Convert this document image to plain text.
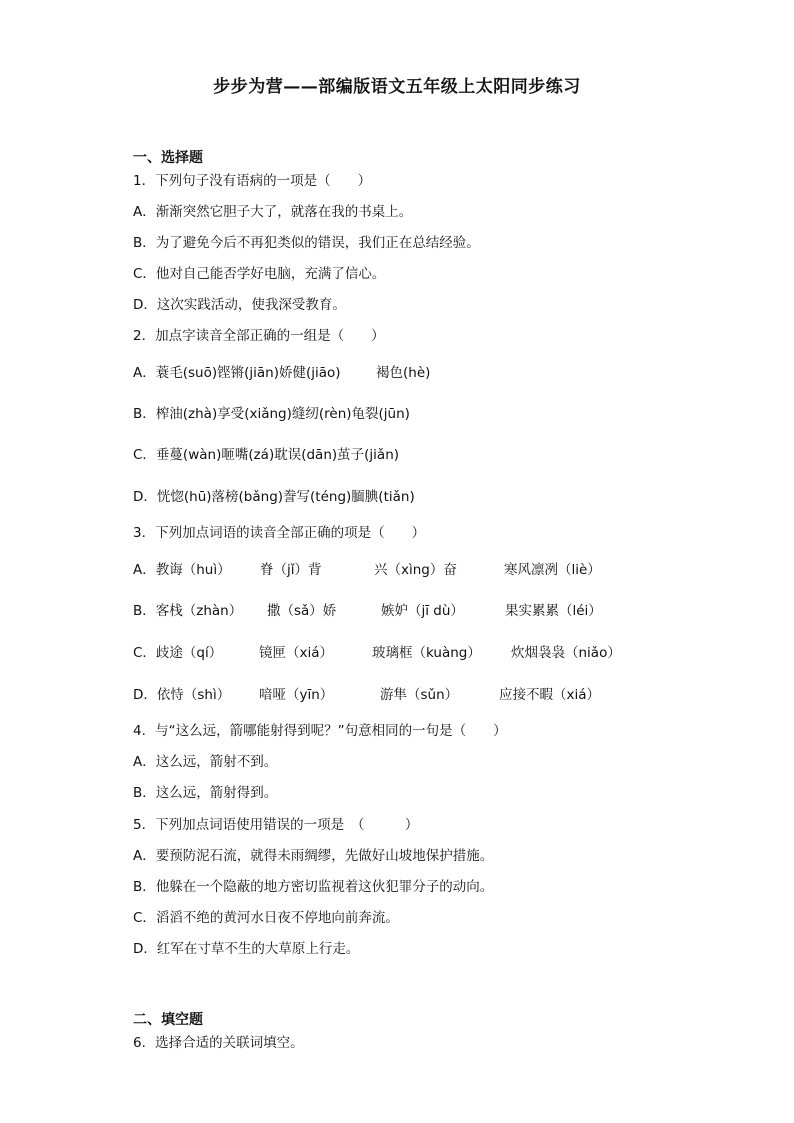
步步为营——部编版语文五年级上太阳同步练习
一、选择题
1．下列句子没有语病的一项是（　　）
A．渐渐突然它胆子大了，就落在我的书桌上。
B．为了避免今后不再犯类似的错误，我们正在总结经验。
C．他对自己能否学好电脑，充满了信心。
D．这次实践活动，使我深受教育。
2．加点字读音全部正确的一组是（　　）
A．蓑毛(suō)铿锵(jiān)娇健(jiāo)	褐色(hè)
B．榨油(zhà)享受(xiǎng)缝纫(rèn)龟裂(jūn)
C．垂蔓(wàn)咂嘴(zá)耽误(dān)茧子(jiǎn)
D．恍惚(hū)落榜(bǎng)誊写(téng)腼腆(tiǎn)
3．下列加点词语的读音全部正确的项是（　　）
A．教诲（huì） 脊（jǐ）背	兴（xìng）奋	寒风凛冽（liè）
B．客栈（zhàn） 撒（sǎ）娇	嫉妒（jī dù）	果实累累（léi）
C．歧途（qí）	镜匣（xiá）	玻璃框（kuàng） 炊烟袅袅（niǎo）
D．依恃（shì） 喑哑（yīn）	游隼（sǔn）	应接不暇（xiá）
4．与“这么远，箭哪能射得到呢？”句意相同的一句是（　　）
A．这么远，箭射不到。
B．这么远，箭射得到。
5．下列加点词语使用错误的一项是　（　　　）
A．要预防泥石流，就得未雨绸缪，先做好山坡地保护措施。
B．他躲在一个隐蔽的地方密切监视着这伙犯罪分子的动向。
C．滔滔不绝的黄河水日夜不停地向前奔流。
D．红军在寸草不生的大草原上行走。
二、填空题
6．选择合适的关联词填空。
